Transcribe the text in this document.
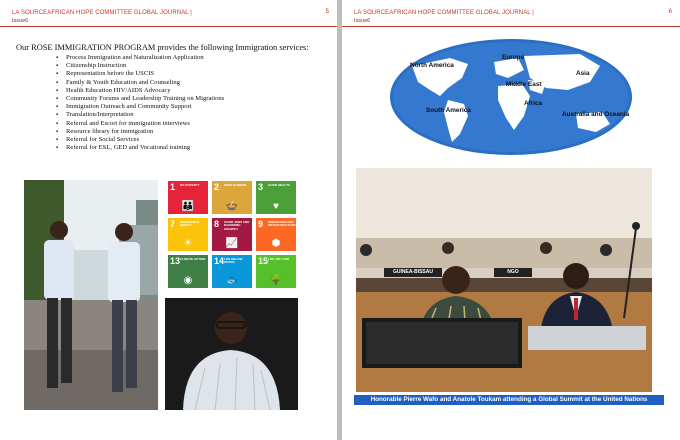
LA SOURCEAFRICAN HOPE COMMITTEE GLOBAL JOURNAL |
Issue6
5
Our ROSE IMMIGRATION PROGRAM provides the following Immigration services:
▪ Process Immigration and Naturalization Application
▪ Citizenship Instruction
▪ Representation before the USCIS
▪ Family & Youth Education and Counseling
▪ Health Education HIV/AIDS Advocacy
▪ Community Forums and Leadership Training on Migrations
▪ Immigration Outreach and Community Support
▪ Translation/Interpretation
▪ Referral and Escort for immigration interviews
▪ Resource library for immigration
▪ Referral for Social Services
▪ Referral for ESL, GED and Vocational training
1 NO POVERTY
👪
2 ZERO HUNGER
🍲
3 GOOD HEALTH
♥
7 RENEWABLE ENERGY
☀
8 GOOD JOBS AND ECONOMIC GROWTH
📈
9 INNOVATION AND INFRASTRUCTURE
⬢
13 CLIMATE ACTION
◉
14 LIFE BELOW WATER
🐟
15 LIFE ON LAND
🌳
LA SOURCEAFRICAN HOPE COMMITTEE GLOBAL JOURNAL |
Issue6
6
North America
Europe
Asia
Middle East
Africa
South America
Australia and Oceania
GUINEA-BISSAU	NGO
Honorable Pierre Wafo and Anatole Toukam attending a Global Summit at the United Nations
